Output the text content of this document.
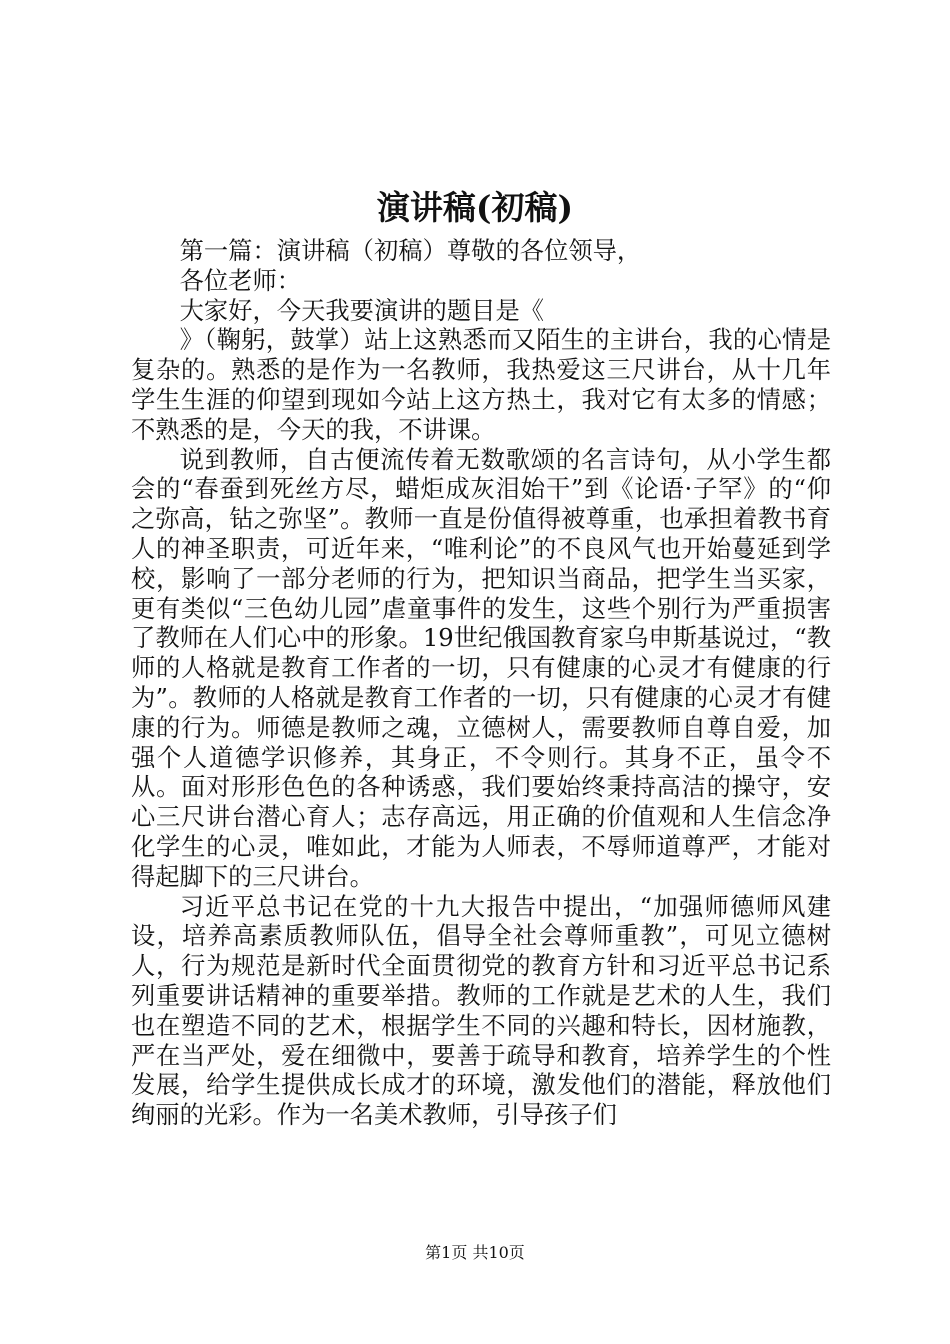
演讲稿(初稿)

第一篇：演讲稿（初稿）尊敬的各位领导，

各位老师：

大家好，今天我要演讲的题目是《

》（鞠躬，鼓掌）站上这熟悉而又陌生的主讲台，我的心情是复杂的。熟悉的是作为一名教师，我热爱这三尺讲台，从十几年学生生涯的仰望到现如今站上这方热土，我对它有太多的情感；不熟悉的是，今天的我，不讲课。

说到教师，自古便流传着无数歌颂的名言诗句，从小学生都会的“春蚕到死丝方尽，蜡炬成灰泪始干”到《论语·子罕》的“仰之弥高，钻之弥坚”。教师一直是份值得被尊重，也承担着教书育人的神圣职责，可近年来，“唯利论”的不良风气也开始蔓延到学校，影响了一部分老师的行为，把知识当商品，把学生当买家，更有类似“三色幼儿园”虐童事件的发生，这些个别行为严重损害了教师在人们心中的形象。19世纪俄国教育家乌申斯基说过，“教师的人格就是教育工作者的一切，只有健康的心灵才有健康的行为”。教师的人格就是教育工作者的一切，只有健康的心灵才有健康的行为。师德是教师之魂，立德树人，需要教师自尊自爱，加强个人道德学识修养，其身正，不令则行。其身不正，虽令不从。面对形形色色的各种诱惑，我们要始终秉持高洁的操守，安心三尺讲台潜心育人；志存高远，用正确的价值观和人生信念净化学生的心灵，唯如此，才能为人师表，不辱师道尊严，才能对得起脚下的三尺讲台。

习近平总书记在党的十九大报告中提出，“加强师德师风建设，培养高素质教师队伍，倡导全社会尊师重教”，可见立德树人，行为规范是新时代全面贯彻党的教育方针和习近平总书记系列重要讲话精神的重要举措。教师的工作就是艺术的人生，我们也在塑造不同的艺术，根据学生不同的兴趣和特长，因材施教，严在当严处，爱在细微中，要善于疏导和教育，培养学生的个性发展，给学生提供成长成才的环境，激发他们的潜能，释放他们绚丽的光彩。作为一名美术教师，引导孩子们

第1页 共10页
